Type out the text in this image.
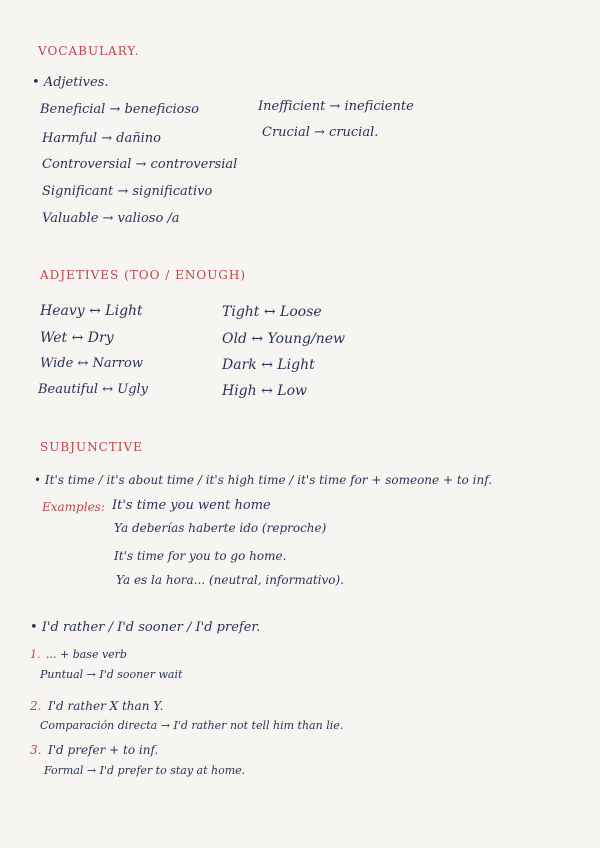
VOCABULARY.
• Adjetives.
Beneficial → beneficioso
Harmful → dañino
Controversial → controversial
Significant → significativo
Valuable → valioso /a
Inefficient → ineficiente
Crucial → crucial.
ADJETIVES (TOO / ENOUGH)
Heavy ↔ Light
Wet ↔ Dry
Wide ↔ Narrow
Beautiful ↔ Ugly
Tight ↔ Loose
Old ↔ Young/new
Dark ↔ Light
High ↔ Low
SUBJUNCTIVE
• It's time / it's about time / it's high time / it's time for + someone + to inf.
Examples: It's time you went home
Ya deberías haberte ido (reproche)
It's time for you to go home.
Ya es la hora... (neutral, informativo).
• I'd rather / I'd sooner / I'd prefer.
1. ... + base verb
Puntual → I'd sooner wait
2. I'd rather X than Y.
Comparación directa → I'd rather not tell him than lie.
3. I'd prefer + to inf.
Formal → I'd prefer to stay at home.
